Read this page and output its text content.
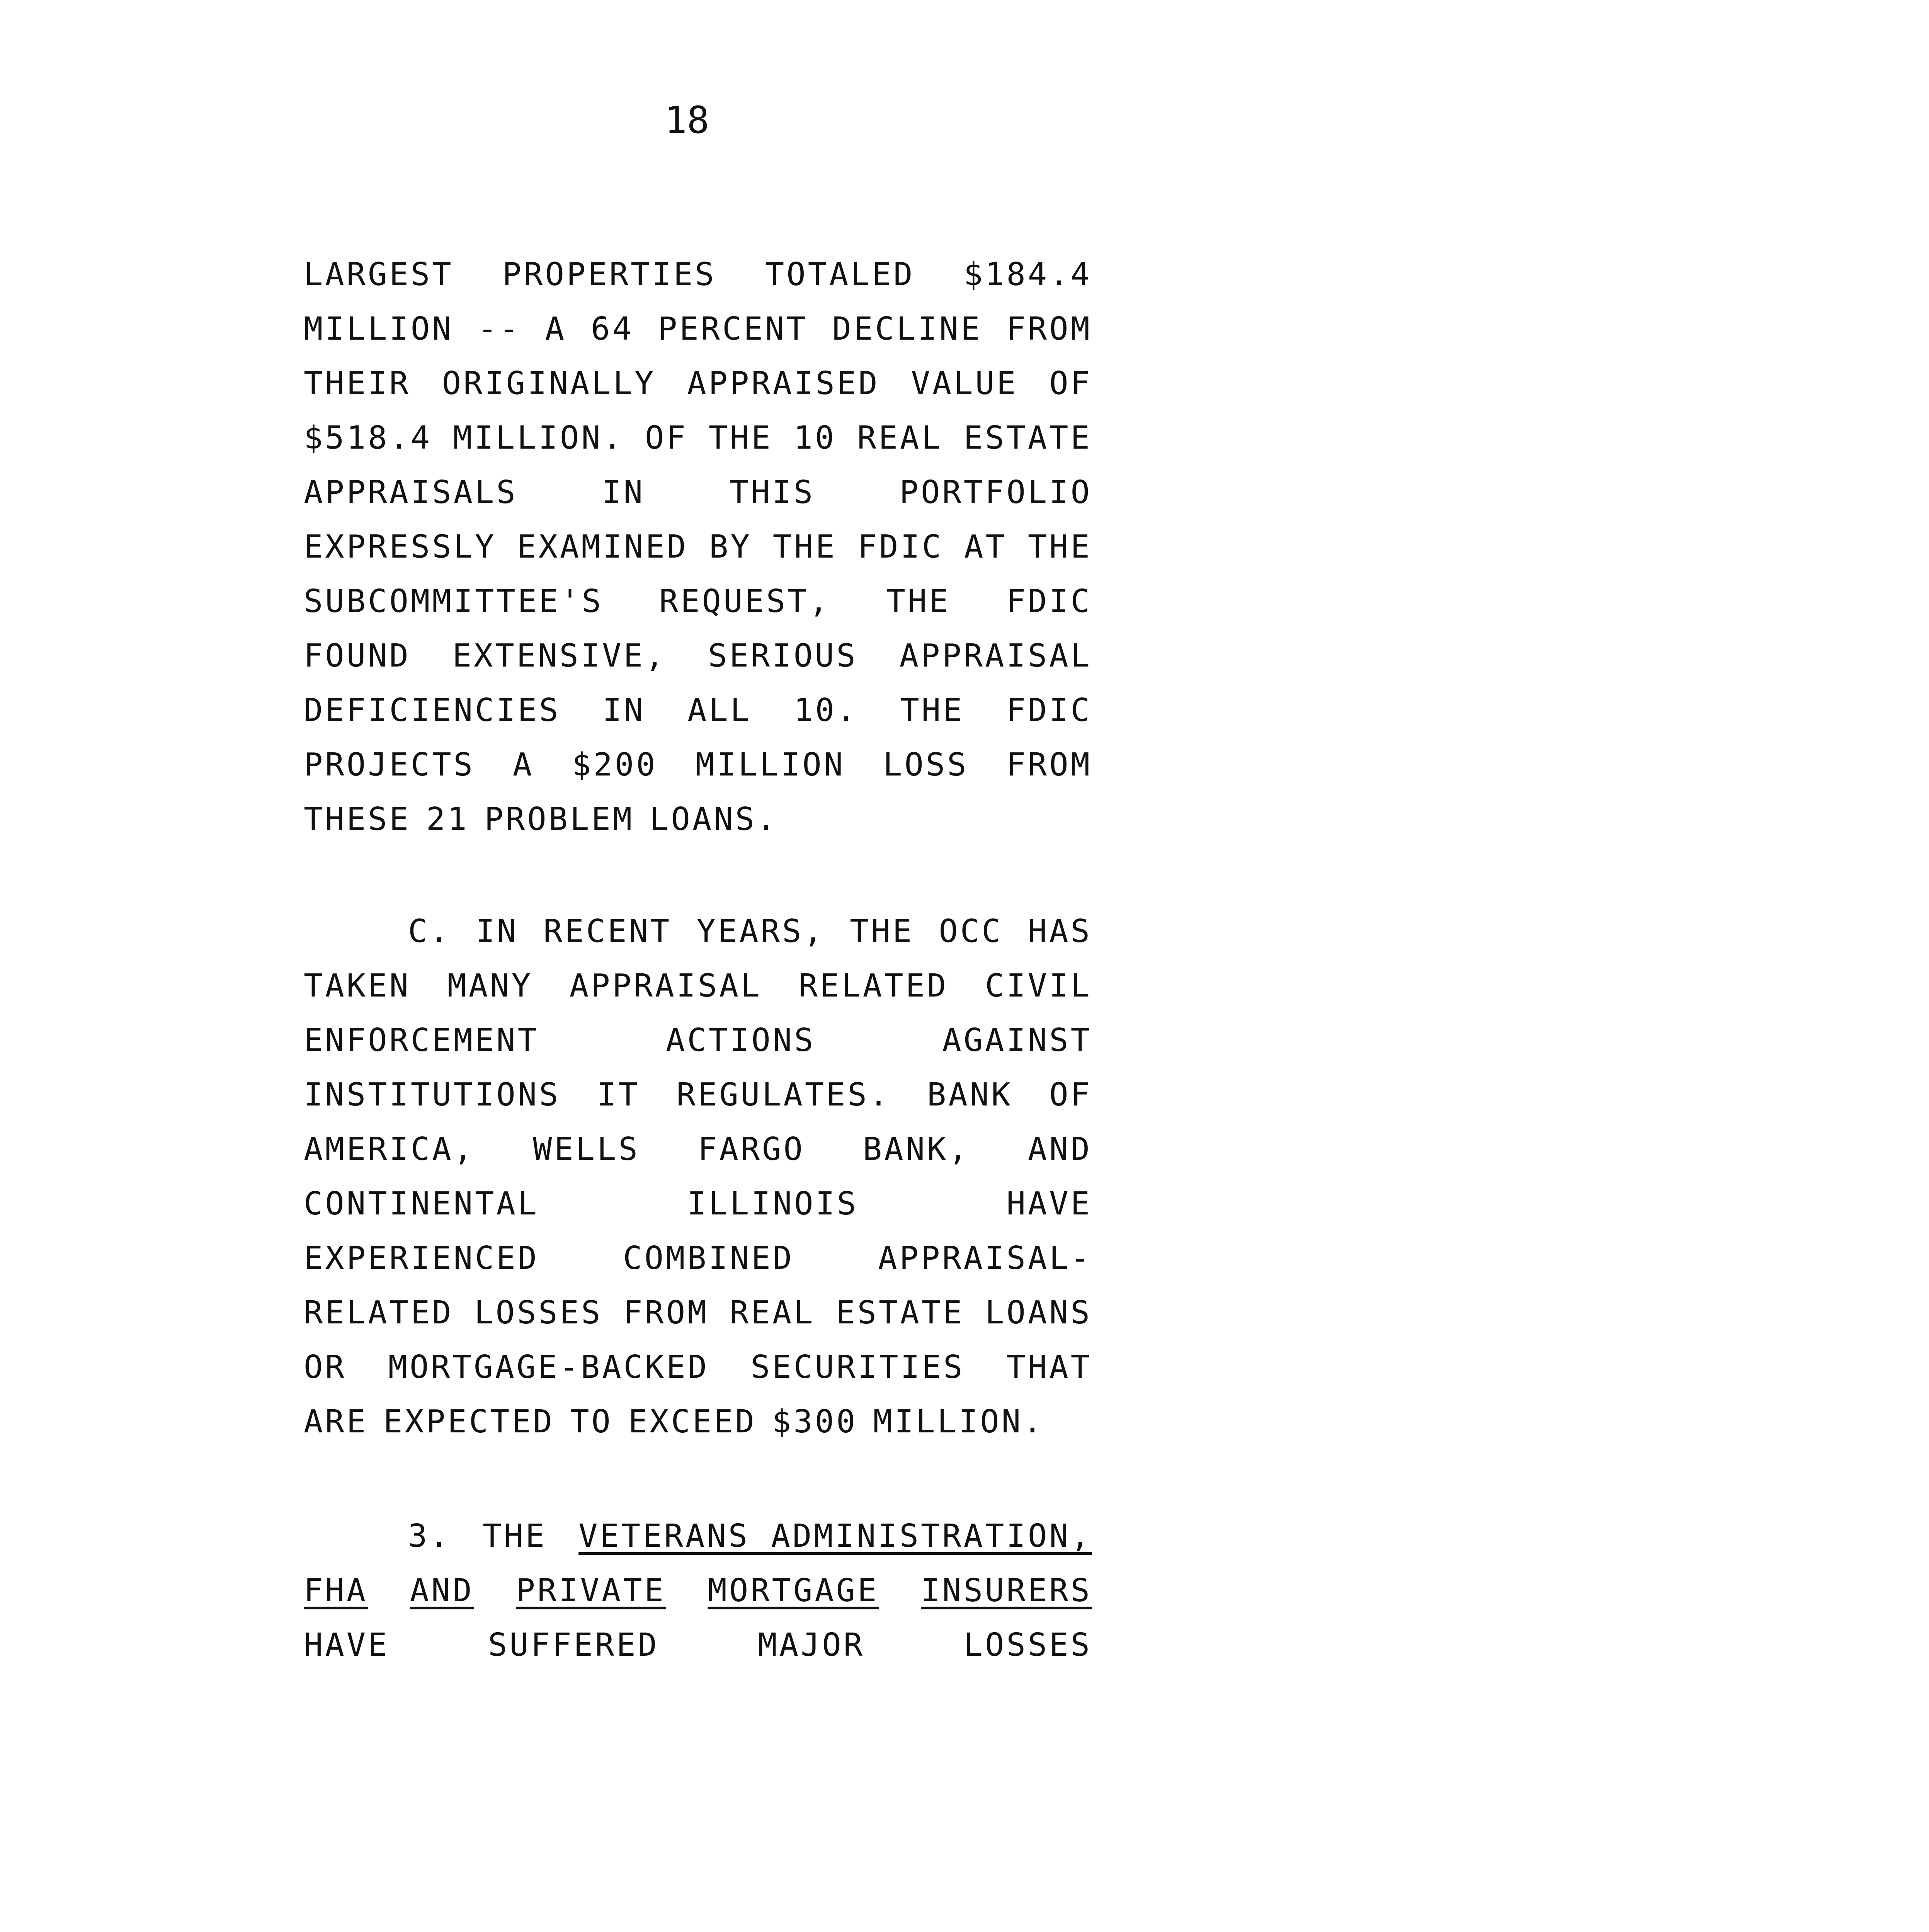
18
LARGEST PROPERTIES TOTALED $184.4
MILLION -- A 64 PERCENT DECLINE FROM
THEIR ORIGINALLY APPRAISED VALUE OF
$518.4 MILLION. OF THE 10 REAL ESTATE
APPRAISALS	IN	THIS	PORTFOLIO
EXPRESSLY EXAMINED BY THE FDIC AT THE
SUBCOMMITTEE'S REQUEST, THE FDIC
FOUND EXTENSIVE, SERIOUS APPRAISAL
DEFICIENCIES IN ALL 10. THE FDIC
PROJECTS A $200 MILLION LOSS FROM
THESE 21 PROBLEM LOANS.
C. IN RECENT YEARS, THE OCC HAS
TAKEN MANY APPRAISAL RELATED CIVIL
ENFORCEMENT	ACTIONS	AGAINST
INSTITUTIONS IT REGULATES. BANK OF
AMERICA, WELLS FARGO BANK, AND
CONTINENTAL	ILLINOIS	HAVE
EXPERIENCED	COMBINED	APPRAISAL-
RELATED LOSSES FROM REAL ESTATE LOANS
OR MORTGAGE-BACKED SECURITIES THAT
ARE EXPECTED TO EXCEED $300 MILLION.
3. THE VETERANS ADMINISTRATION,
FHA AND PRIVATE MORTGAGE INSURERS
HAVE	SUFFERED	MAJOR	LOSSES
